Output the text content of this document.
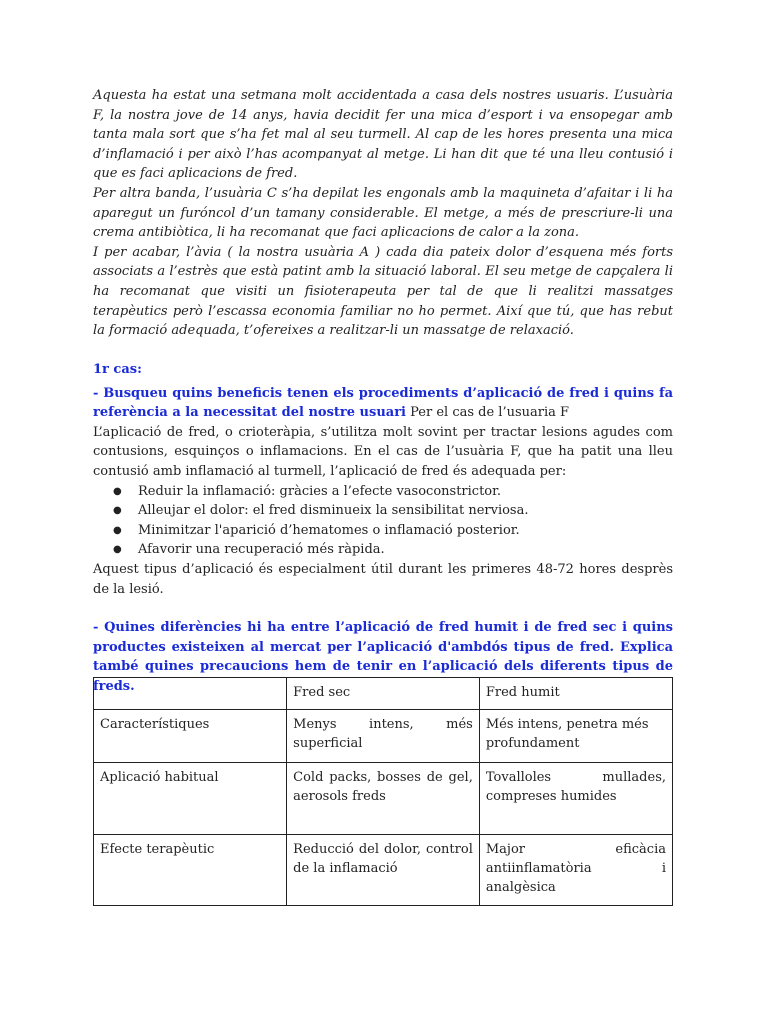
Aquesta ha estat una setmana molt accidentada a casa dels nostres usuaris. L’usuària F, la nostra jove de 14 anys, havia decidit fer una mica d’esport i va ensopegar amb tanta mala sort que s’ha fet mal al seu turmell. Al cap de les hores presenta una mica d’inflamació i per això l’has acompanyat al metge. Li han dit que té una lleu contusió i que es faci aplicacions de fred.

Per altra banda, l’usuària C s’ha depilat les engonals amb la maquineta d’afaitar i li ha aparegut un furóncol d’un tamany considerable. El metge, a més de prescriure-li una crema antibiòtica, li ha recomanat que faci aplicacions de calor a la zona.

I per acabar, l’àvia ( la nostra usuària A ) cada dia pateix dolor d’esquena més forts associats a l’estrès que està patint amb la situació laboral. El seu metge de capçalera li ha recomanat que visiti un fisioterapeuta per tal de que li realitzi massatges terapèutics però l’escassa economia familiar no ho permet. Així que tú, que has rebut la formació adequada, t’ofereixes a realitzar-li un massatge de relaxació.

1r cas:

- Busqueu quins beneficis tenen els procediments d’aplicació de fred i quins fa referència a la necessitat del nostre usuari Per el cas de l’usuaria F

L’aplicació de fred, o crioteràpia, s’utilitza molt sovint per tractar lesions agudes com contusions, esquinços o inflamacions. En el cas de l’usuària F, que ha patit una lleu contusió amb inflamació al turmell, l’aplicació de fred és adequada per:

● Reduir la inflamació: gràcies a l’efecte vasoconstrictor.
● Alleujar el dolor: el fred disminueix la sensibilitat nerviosa.
● Minimitzar l'aparició d’hematomes o inflamació posterior.
● Afavorir una recuperació més ràpida.

Aquest tipus d’aplicació és especialment útil durant les primeres 48-72 hores desprès de la lesió.

- Quines diferències hi ha entre l’aplicació de fred humit i de fred sec i quins productes existeixen al mercat per l’aplicació d'ambdós tipus de fred. Explica també quines precaucions hem de tenir en l’aplicació dels diferents tipus de freds.

		Fred sec	Fred humit
Característiques	Menys intens, més superficial	Més intens, penetra més profundament
Aplicació habitual	Cold packs, bosses de gel, aerosols freds	Tovalloles mullades, compreses humides
Efecte terapèutic	Reducció del dolor, control de la inflamació	Major eficàcia antiinflamatòria i analgèsica
